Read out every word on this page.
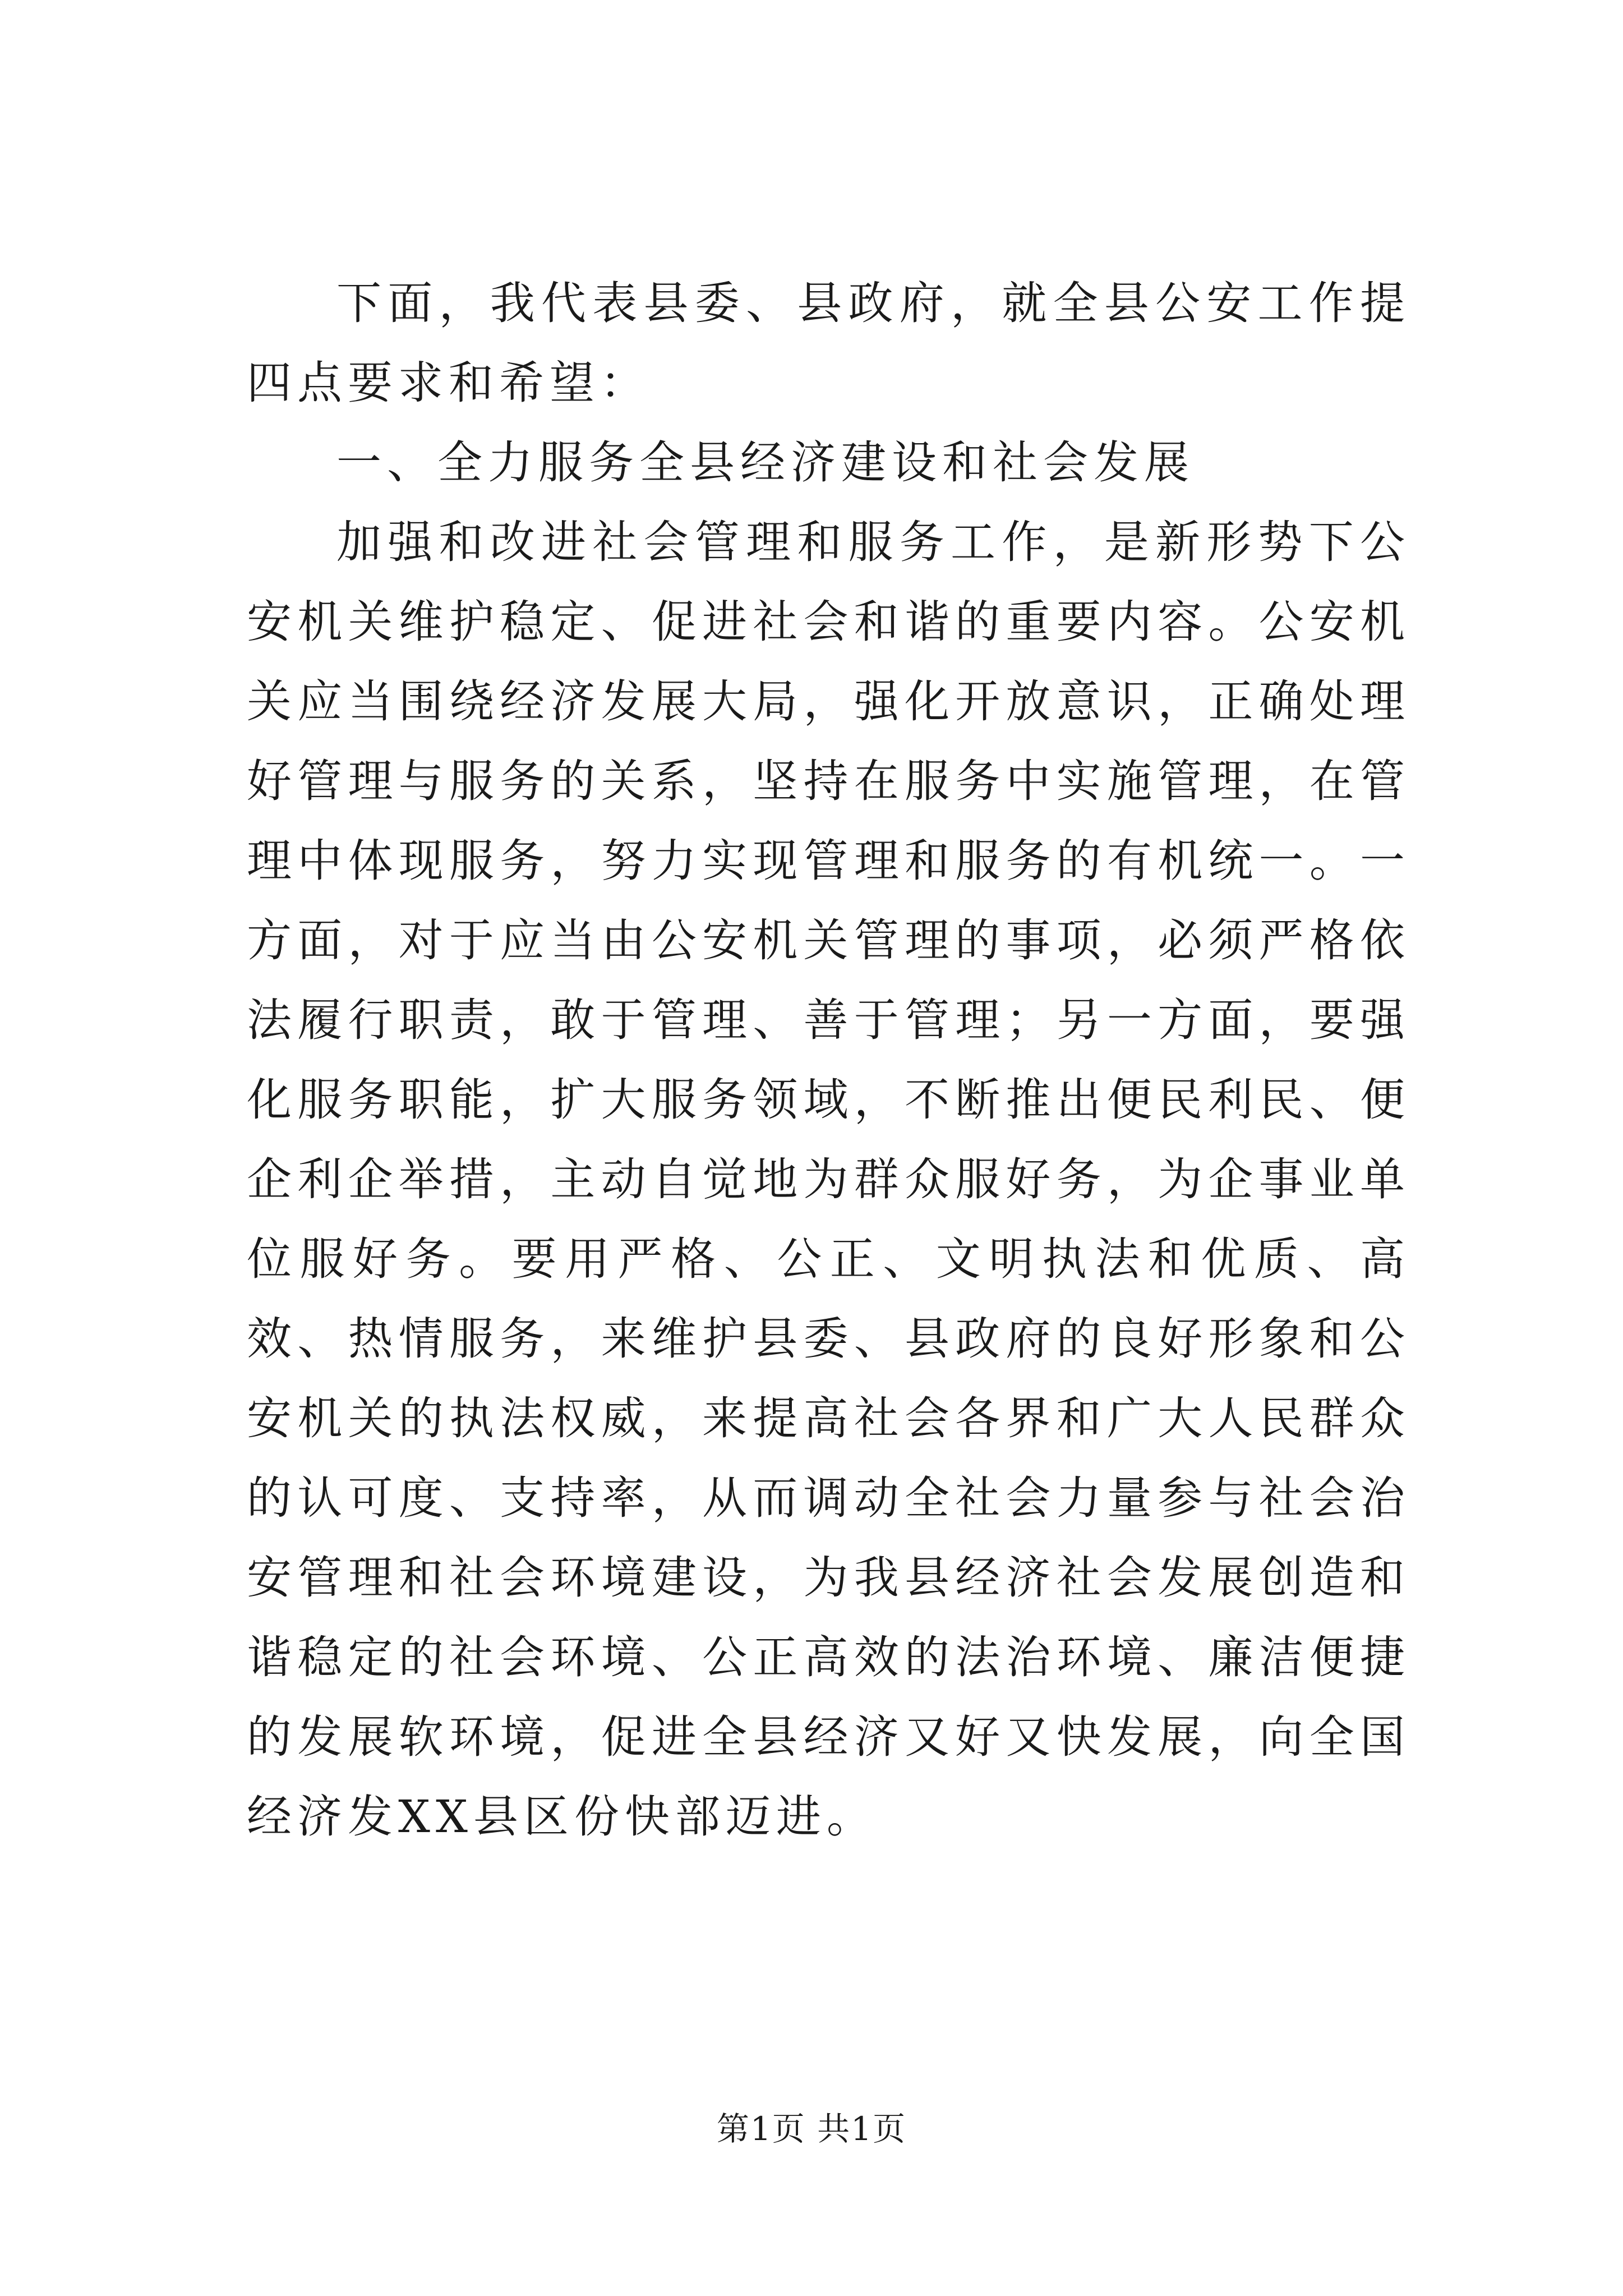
下面，我代表县委、县政府，就全县公安工作提四点要求和希望：

一、全力服务全县经济建设和社会发展

加强和改进社会管理和服务工作，是新形势下公安机关维护稳定、促进社会和谐的重要内容。公安机关应当围绕经济发展大局，强化开放意识，正确处理好管理与服务的关系，坚持在服务中实施管理，在管理中体现服务，努力实现管理和服务的有机统一。一方面，对于应当由公安机关管理的事项，必须严格依法履行职责，敢于管理、善于管理；另一方面，要强化服务职能，扩大服务领域，不断推出便民利民、便企利企举措，主动自觉地为群众服好务，为企事业单位服好务。要用严格、公正、文明执法和优质、高效、热情服务，来维护县委、县政府的良好形象和公安机关的执法权威，来提高社会各界和广大人民群众的认可度、支持率，从而调动全社会力量参与社会治安管理和社会环境建设，为我县经济社会发展创造和谐稳定的社会环境、公正高效的法治环境、廉洁便捷的发展软环境，促进全县经济又好又快发展，向全国经济发XX县区份快部迈进。

第1页 共1页
